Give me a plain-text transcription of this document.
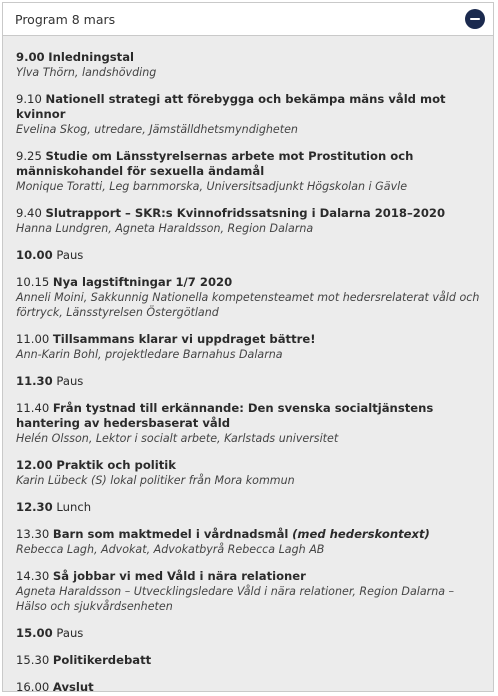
Program 8 mars
9.00 Inledningstal
Ylva Thörn, landshövding
9.10 Nationell strategi att förebygga och bekämpa mäns våld mot kvinnor
Evelina Skog, utredare, Jämställdhetsmyndigheten
9.25 Studie om Länsstyrelsernas arbete mot Prostitution och människohandel för sexuella ändamål
Monique Toratti, Leg barnmorska, Universitsadjunkt Högskolan i Gävle
9.40 Slutrapport – SKR:s Kvinnofridssatsning i Dalarna 2018–2020
Hanna Lundgren, Agneta Haraldsson, Region Dalarna
10.00 Paus
10.15 Nya lagstiftningar 1/7 2020
Anneli Moini, Sakkunnig Nationella kompetensteamet mot hedersrelaterat våld och förtryck, Länsstyrelsen Östergötland
11.00 Tillsammans klarar vi uppdraget bättre!
Ann-Karin Bohl, projektledare Barnahus Dalarna
11.30 Paus
11.40 Från tystnad till erkännande: Den svenska socialtjänstens hantering av hedersbaserat våld
Helén Olsson, Lektor i socialt arbete, Karlstads universitet
12.00 Praktik och politik
Karin Lübeck (S) lokal politiker från Mora kommun
12.30 Lunch
13.30 Barn som maktmedel i vårdnadsmål (med hederskontext)
Rebecca Lagh, Advokat, Advokatbyrå Rebecca Lagh AB
14.30 Så jobbar vi med Våld i nära relationer
Agneta Haraldsson – Utvecklingsledare Våld i nära relationer, Region Dalarna – Hälso och sjukvårdsenheten
15.00 Paus
15.30 Politikerdebatt
16.00 Avslut
